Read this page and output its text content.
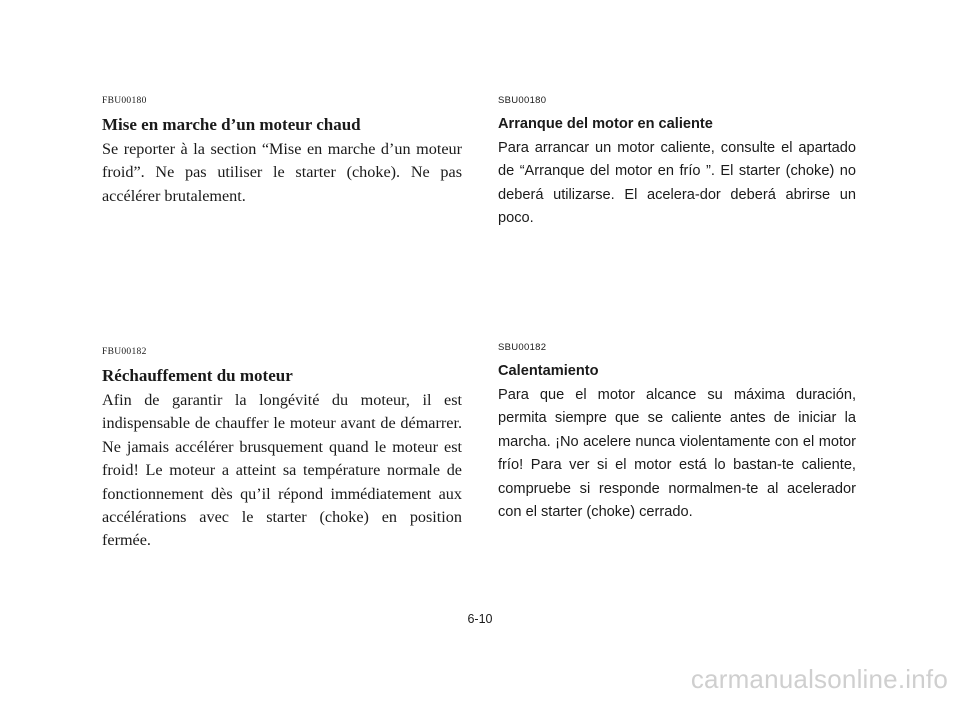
FBU00180

Mise en marche d’un moteur chaud

Se reporter à la section “Mise en marche d’un moteur froid”. Ne pas utiliser le starter (choke). Ne pas accélérer brutalement.

SBU00180

Arranque del motor en caliente

Para arrancar un motor caliente, consulte el apartado de “Arranque del motor en frío ”. El starter (choke) no deberá utilizarse. El acelera-dor deberá abrirse un poco.

FBU00182

Réchauffement du moteur

Afin de garantir la longévité du moteur, il est indispensable de chauffer le moteur avant de démarrer. Ne jamais accélérer brusquement quand le moteur est froid! Le moteur a atteint sa température normale de fonctionnement dès qu’il répond immédiatement aux accélérations avec le starter (choke) en position fermée.

SBU00182

Calentamiento

Para que el motor alcance su máxima duración, permita siempre que se caliente antes de iniciar la marcha. ¡No acelere nunca violentamente con el motor frío! Para ver si el motor está lo bastan-te caliente, compruebe si responde normalmen-te al acelerador con el starter (choke) cerrado.

6-10
carmanualsonline.info
